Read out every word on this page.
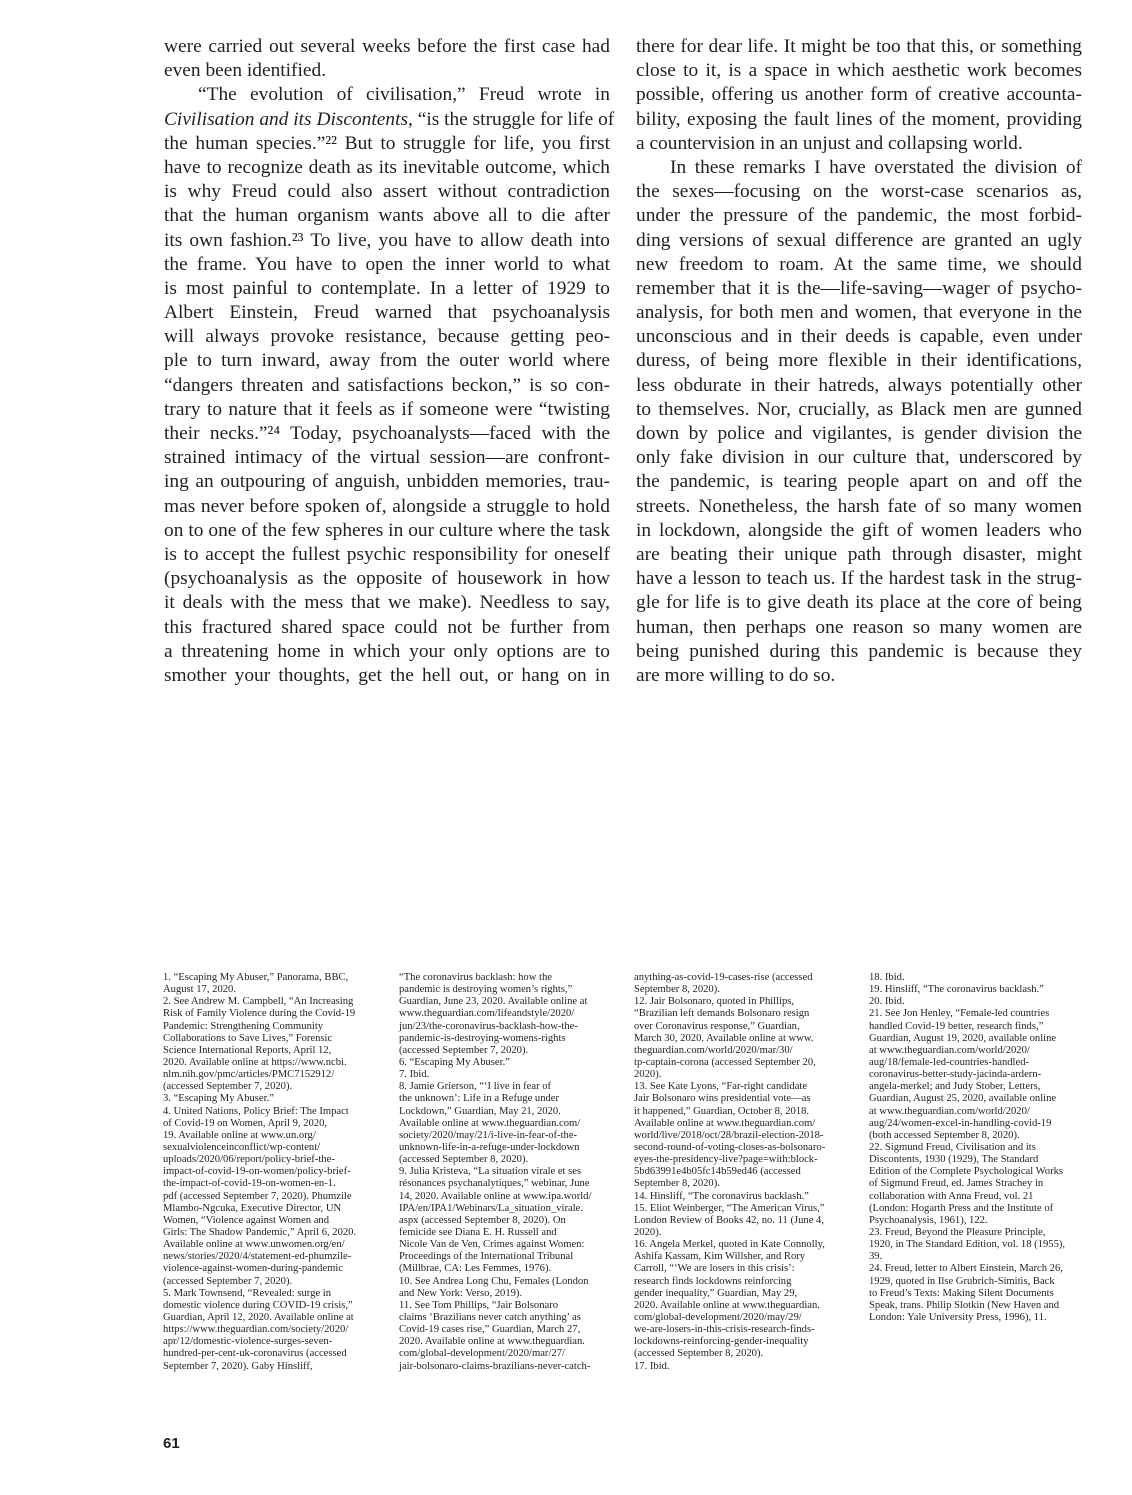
were carried out several weeks before the first case had
even been identified.
“The evolution of civilisation,” Freud wrote in
Civilisation and its Discontents, “is the struggle for life of
the human species.”²² But to struggle for life, you first
have to recognize death as its inevitable outcome, which
is why Freud could also assert without contradiction
that the human organism wants above all to die after
its own fashion.²³ To live, you have to allow death into
the frame. You have to open the inner world to what
is most painful to contemplate. In a letter of 1929 to
Albert Einstein, Freud warned that psychoanalysis
will always provoke resistance, because getting peo-
ple to turn inward, away from the outer world where
“dangers threaten and satisfactions beckon,” is so con-
trary to nature that it feels as if someone were “twisting
their necks.”²⁴ Today, psychoanalysts—faced with the
strained intimacy of the virtual session—are confront-
ing an outpouring of anguish, unbidden memories, trau-
mas never before spoken of, alongside a struggle to hold
on to one of the few spheres in our culture where the task
is to accept the fullest psychic responsibility for oneself
(psychoanalysis as the opposite of housework in how
it deals with the mess that we make). Needless to say,
this fractured shared space could not be further from
a threatening home in which your only options are to
smother your thoughts, get the hell out, or hang on in
there for dear life. It might be too that this, or something
close to it, is a space in which aesthetic work becomes
possible, offering us another form of creative accounta-
bility, exposing the fault lines of the moment, providing
a countervision in an unjust and collapsing world.
In these remarks I have overstated the division of
the sexes—focusing on the worst-case scenarios as,
under the pressure of the pandemic, the most forbid-
ding versions of sexual difference are granted an ugly
new freedom to roam. At the same time, we should
remember that it is the—life-saving—wager of psycho-
analysis, for both men and women, that everyone in the
unconscious and in their deeds is capable, even under
duress, of being more flexible in their identifications,
less obdurate in their hatreds, always potentially other
to themselves. Nor, crucially, as Black men are gunned
down by police and vigilantes, is gender division the
only fake division in our culture that, underscored by
the pandemic, is tearing people apart on and off the
streets. Nonetheless, the harsh fate of so many women
in lockdown, alongside the gift of women leaders who
are beating their unique path through disaster, might
have a lesson to teach us. If the hardest task in the strug-
gle for life is to give death its place at the core of being
human, then perhaps one reason so many women are
being punished during this pandemic is because they
are more willing to do so.
1. “Escaping My Abuser,” Panorama, BBC,
August 17, 2020.
2. See Andrew M. Campbell, “An Increasing
Risk of Family Violence during the Covid-19
Pandemic: Strengthening Community
Collaborations to Save Lives,” Forensic
Science International Reports, April 12,
2020. Available online at https://www.ncbi.
nlm.nih.gov/pmc/articles/PMC7152912/
(accessed September 7, 2020).
3. “Escaping My Abuser.”
4. United Nations, Policy Brief: The Impact
of Covid-19 on Women, April 9, 2020,
19. Available online at www.un.org/
sexualviolenceinconflict/wp-content/
uploads/2020/06/report/policy-brief-the-
impact-of-covid-19-on-women/policy-brief-
the-impact-of-covid-19-on-women-en-1.
pdf (accessed September 7, 2020). Phumzile
Mlambo-Ngcuka, Executive Director, UN
Women, “Violence against Women and
Girls: The Shadow Pandemic,” April 6, 2020.
Available online at www.unwomen.org/en/
news/stories/2020/4/statement-ed-phumzile-
violence-against-women-during-pandemic
(accessed September 7, 2020).
5. Mark Townsend, “Revealed: surge in
domestic violence during COVID-19 crisis,”
Guardian, April 12, 2020. Available online at
https://www.theguardian.com/society/2020/
apr/12/domestic-violence-surges-seven-
hundred-per-cent-uk-coronavirus (accessed
September 7, 2020). Gaby Hinsliff,
“The coronavirus backlash: how the
pandemic is destroying women’s rights,”
Guardian, June 23, 2020. Available online at
www.theguardian.com/lifeandstyle/2020/
jun/23/the-coronavirus-backlash-how-the-
pandemic-is-destroying-womens-rights
(accessed September 7, 2020).
6. “Escaping My Abuser.”
7. Ibid.
8. Jamie Grierson, “‘I live in fear of
the unknown’: Life in a Refuge under
Lockdown,” Guardian, May 21, 2020.
Available online at www.theguardian.com/
society/2020/may/21/i-live-in-fear-of-the-
unknown-life-in-a-refuge-under-lockdown
(accessed September 8, 2020).
9. Julia Kristeva, “La situation virale et ses
résonances psychanalytiques,” webinar, June
14, 2020. Available online at www.ipa.world/
IPA/en/IPA1/Webinars/La_situation_virale.
aspx (accessed September 8, 2020). On
femicide see Diana E. H. Russell and
Nicole Van de Ven, Crimes against Women:
Proceedings of the International Tribunal
(Millbrae, CA: Les Femmes, 1976).
10. See Andrea Long Chu, Females (London
and New York: Verso, 2019).
11. See Tom Phillips, “Jair Bolsonaro
claims ‘Brazilians never catch anything’ as
Covid-19 cases rise,” Guardian, March 27,
2020. Available online at www.theguardian.
com/global-development/2020/mar/27/
jair-bolsonaro-claims-brazilians-never-catch-
anything-as-covid-19-cases-rise (accessed
September 8, 2020).
12. Jair Bolsonaro, quoted in Phillips,
“Brazilian left demands Bolsonaro resign
over Coronavirus response,” Guardian,
March 30, 2020. Available online at www.
theguardian.com/world/2020/mar/30/
tp-captain-corona (accessed September 20,
2020).
13. See Kate Lyons, “Far-right candidate
Jair Bolsonaro wins presidential vote—as
it happened,” Guardian, October 8, 2018.
Available online at www.theguardian.com/
world/live/2018/oct/28/brazil-election-2018-
second-round-of-voting-closes-as-bolsonaro-
eyes-the-presidency-live?page=with:block-
5bd63991e4b05fc14b59ed46 (accessed
September 8, 2020).
14. Hinsliff, “The coronavirus backlash.”
15. Eliot Weinberger, “The American Virus,”
London Review of Books 42, no. 11 (June 4,
2020).
16. Angela Merkel, quoted in Kate Connolly,
Ashifa Kassam, Kim Willsher, and Rory
Carroll, “‘We are losers in this crisis’:
research finds lockdowns reinforcing
gender inequality,” Guardian, May 29,
2020. Available online at www.theguardian.
com/global-development/2020/may/29/
we-are-losers-in-this-crisis-research-finds-
lockdowns-reinforcing-gender-inequality
(accessed September 8, 2020).
17. Ibid.
18. Ibid.
19. Hinsliff, “The coronavirus backlash.”
20. Ibid.
21. See Jon Henley, “Female-led countries
handled Covid-19 better, research finds,”
Guardian, August 19, 2020, available online
at www.theguardian.com/world/2020/
aug/18/female-led-countries-handled-
coronavirus-better-study-jacinda-ardern-
angela-merkel; and Judy Stober, Letters,
Guardian, August 25, 2020, available online
at www.theguardian.com/world/2020/
aug/24/women-excel-in-handling-covid-19
(both accessed September 8, 2020).
22. Sigmund Freud, Civilisation and its
Discontents, 1930 (1929), The Standard
Edition of the Complete Psychological Works
of Sigmund Freud, ed. James Strachey in
collaboration with Anna Freud, vol. 21
(London: Hogarth Press and the Institute of
Psychoanalysis, 1961), 122.
23. Freud, Beyond the Pleasure Principle,
1920, in The Standard Edition, vol. 18 (1955),
39.
24. Freud, letter to Albert Einstein, March 26,
1929, quoted in Ilse Grubrich-Simitis, Back
to Freud’s Texts: Making Silent Documents
Speak, trans. Philip Slotkin (New Haven and
London: Yale University Press, 1996), 11.
61
